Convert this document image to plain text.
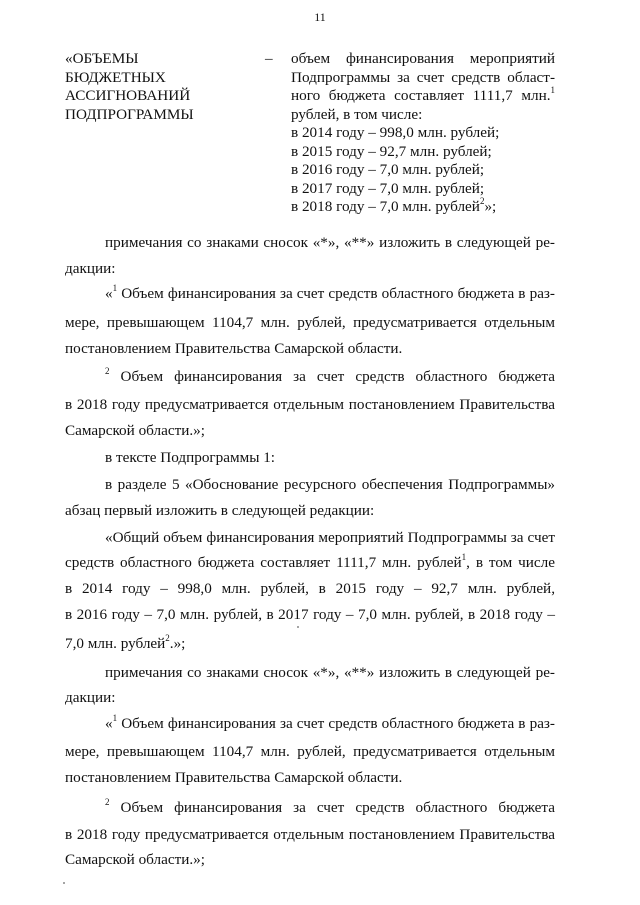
11
«ОБЪЕМЫ
БЮДЖЕТНЫХ
АССИГНОВАНИЙ
ПОДПРОГРАММЫ
–	объем финансирования мероприятий
Подпрограммы за счет средств област-
ного бюджета составляет 1111,7 млн.$^1$
рублей, в том числе:
в 2014 году – 998,0 млн. рублей;
в 2015 году – 92,7 млн. рублей;
в 2016 году – 7,0 млн. рублей;
в 2017 году – 7,0 млн. рублей;
в 2018 году – 7,0 млн. рублей$^2$»;
примечания со знаками сносок «*», «**» изложить в следующей ре-
дакции:
«$^1$ Объем финансирования за счет средств областного бюджета в раз-
мере, превышающем 1104,7 млн. рублей, предусматривается отдельным
постановлением Правительства Самарской области.
$^2$ Объем финансирования за счет средств областного бюджета
в 2018 году предусматривается отдельным постановлением Правительства
Самарской области.»;
в тексте Подпрограммы 1:
в разделе 5 «Обоснование ресурсного обеспечения Подпрограммы»
абзац первый изложить в следующей редакции:
«Общий объем финансирования мероприятий Подпрограммы за счет
средств областного бюджета составляет 1111,7 млн. рублей$^1$, в том числе
в 2014 году – 998,0 млн. рублей, в 2015 году – 92,7 млн. рублей,
в 2016 году – 7,0 млн. рублей, в 2017 году – 7,0 млн. рублей, в 2018 году –
7,0 млн. рублей$^2$.»;
примечания со знаками сносок «*», «**» изложить в следующей ре-
дакции:
«$^1$ Объем финансирования за счет средств областного бюджета в раз-
мере, превышающем 1104,7 млн. рублей, предусматривается отдельным
постановлением Правительства Самарской области.
$^2$ Объем финансирования за счет средств областного бюджета
в 2018 году предусматривается отдельным постановлением Правительства
Самарской области.»;
